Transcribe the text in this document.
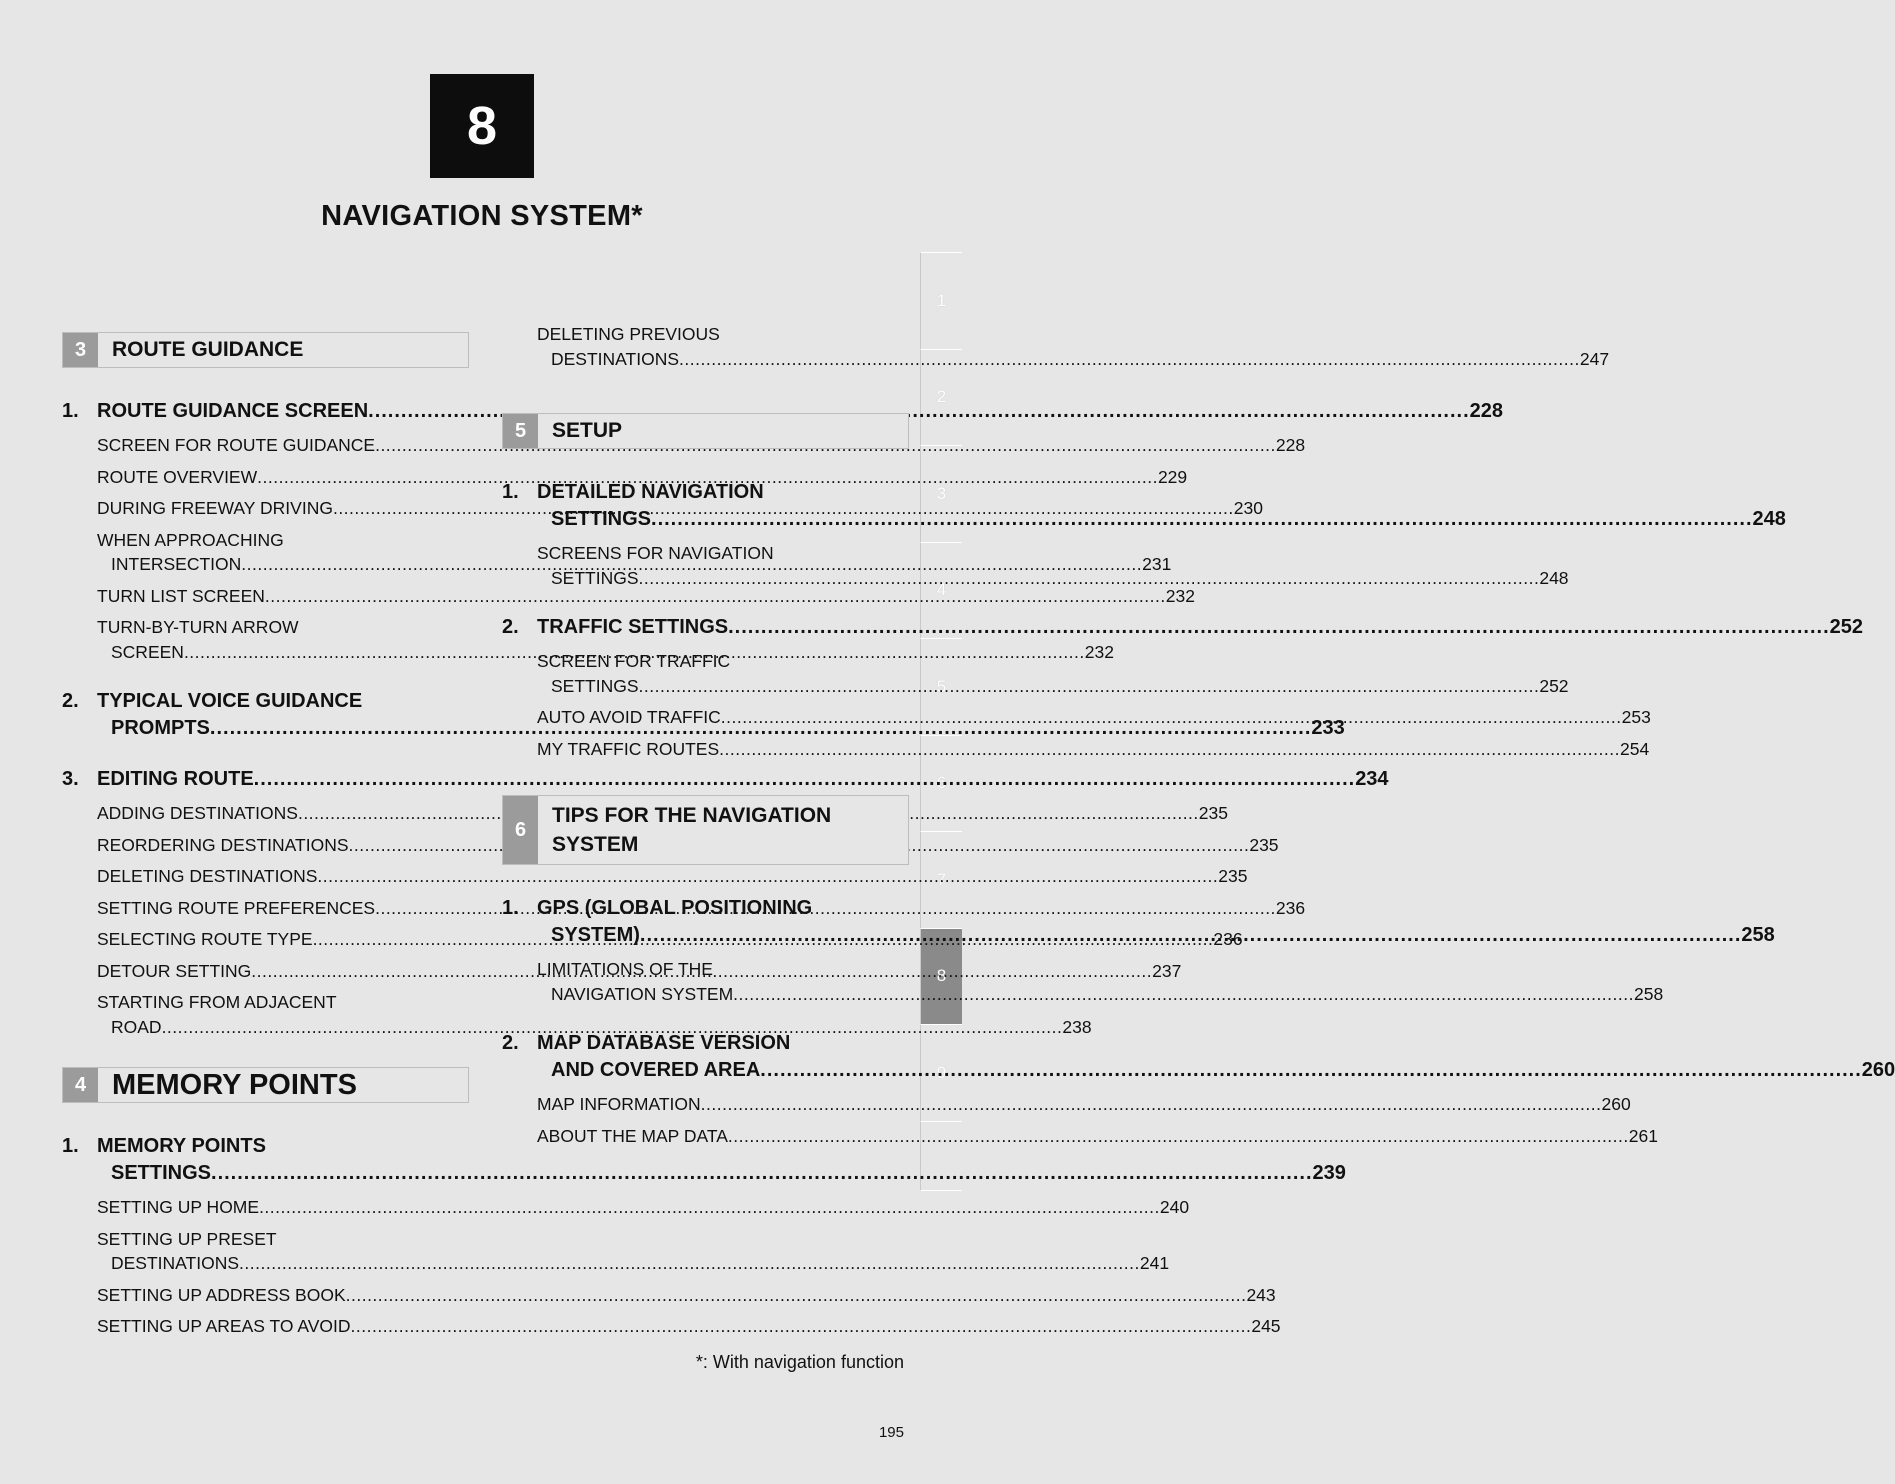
8
NAVIGATION SYSTEM*
1
2
3
4
5
6
7
8
9
3	ROUTE GUIDANCE
1. ROUTE GUIDANCE SCREEN .....	228
SCREEN FOR ROUTE GUIDANCE .....	228
ROUTE OVERVIEW .....	229
DURING FREEWAY DRIVING .....	230
WHEN APPROACHING
INTERSECTION .....	231
TURN LIST SCREEN .....	232
TURN-BY-TURN ARROW
SCREEN .....	232
2. TYPICAL VOICE GUIDANCE
PROMPTS .....	233
3. EDITING ROUTE .....	234
ADDING DESTINATIONS .....	235
REORDERING DESTINATIONS .....	235
DELETING DESTINATIONS .....	235
SETTING ROUTE PREFERENCES .....	236
SELECTING ROUTE TYPE .....	236
DETOUR SETTING .....	237
STARTING FROM ADJACENT
ROAD .....	238
4 MEMORY POINTS
1. MEMORY POINTS
SETTINGS .....	239
SETTING UP HOME .....	240
SETTING UP PRESET
DESTINATIONS .....	241
SETTING UP ADDRESS BOOK .....	243
SETTING UP AREAS TO AVOID .....	245
DELETING PREVIOUS
DESTINATIONS .....	247
5	SETUP
1. DETAILED NAVIGATION
SETTINGS .....	248
SCREENS FOR NAVIGATION
SETTINGS .....	248
2. TRAFFIC SETTINGS .....	252
SCREEN FOR TRAFFIC
SETTINGS .....	252
AUTO AVOID TRAFFIC .....	253
MY TRAFFIC ROUTES .....	254
6
TIPS FOR THE NAVIGATION
SYSTEM
1. GPS (GLOBAL POSITIONING
SYSTEM) .....	258
LIMITATIONS OF THE
NAVIGATION SYSTEM .....	258
2. MAP DATABASE VERSION
AND COVERED AREA .....	260
MAP INFORMATION .....	260
ABOUT THE MAP DATA .....	261
*: With navigation function
195
